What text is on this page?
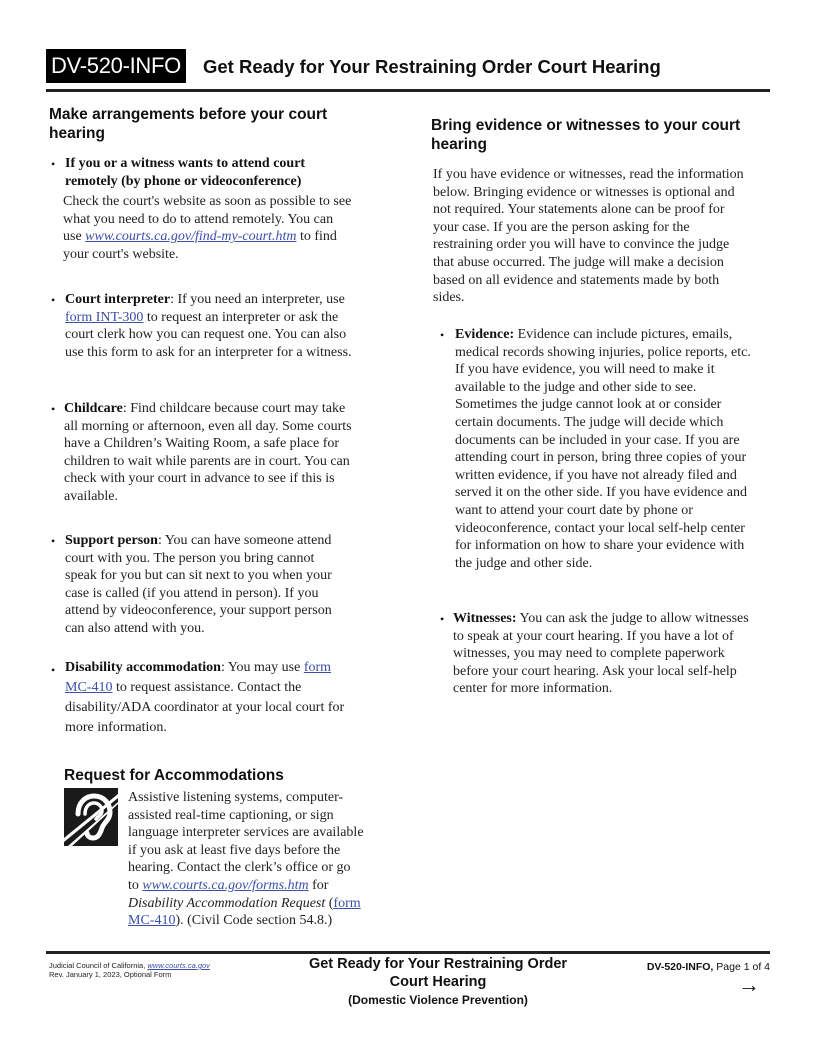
DV-520-INFO Get Ready for Your Restraining Order Court Hearing
Make arrangements before your court
hearing
• If you or a witness wants to attend court
remotely (by phone or videoconference)
Check the court's website as soon as possible to see
what you need to do to attend remotely. You can
use www.courts.ca.gov/find-my-court.htm to find
your court's website.
• Court interpreter: If you need an interpreter, use
form INT-300 to request an interpreter or ask the
court clerk how you can request one. You can also
use this form to ask for an interpreter for a witness.
• Childcare: Find childcare because court may take
all morning or afternoon, even all day. Some courts
have a Children’s Waiting Room, a safe place for
children to wait while parents are in court. You can
check with your court in advance to see if this is
available.
• Support person: You can have someone attend
court with you. The person you bring cannot
speak for you but can sit next to you when your
case is called (if you attend in person). If you
attend by videoconference, your support person
can also attend with you.
• Disability accommodation: You may use form
MC-410 to request assistance. Contact the
disability/ADA coordinator at your local court for
more information.
Request for Accommodations
Assistive listening systems, computer-
assisted real-time captioning, or sign
language interpreter services are available
if you ask at least five days before the
hearing. Contact the clerk’s office or go
to www.courts.ca.gov/forms.htm for
Disability Accommodation Request (form
MC-410). (Civil Code section 54.8.)
Bring evidence or witnesses to your court
hearing
If you have evidence or witnesses, read the information
below. Bringing evidence or witnesses is optional and
not required. Your statements alone can be proof for
your case. If you are the person asking for the
restraining order you will have to convince the judge
that abuse occurred. The judge will make a decision
based on all evidence and statements made by both
sides.
• Evidence: Evidence can include pictures, emails,
medical records showing injuries, police reports, etc.
If you have evidence, you will need to make it
available to the judge and other side to see.
Sometimes the judge cannot look at or consider
certain documents. The judge will decide which
documents can be included in your case. If you are
attending court in person, bring three copies of your
written evidence, if you have not already filed and
served it on the other side. If you have evidence and
want to attend your court date by phone or
videoconference, contact your local self-help center
for information on how to share your evidence with
the judge and other side.
• Witnesses: You can ask the judge to allow witnesses
to speak at your court hearing. If you have a lot of
witnesses, you may need to complete paperwork
before your court hearing. Ask your local self-help
center for more information.
Judicial Council of California, www.courts.ca.gov
Rev. January 1, 2023, Optional Form
Get Ready for Your Restraining Order
Court Hearing
(Domestic Violence Prevention)
DV-520-INFO, Page 1 of 4
→
